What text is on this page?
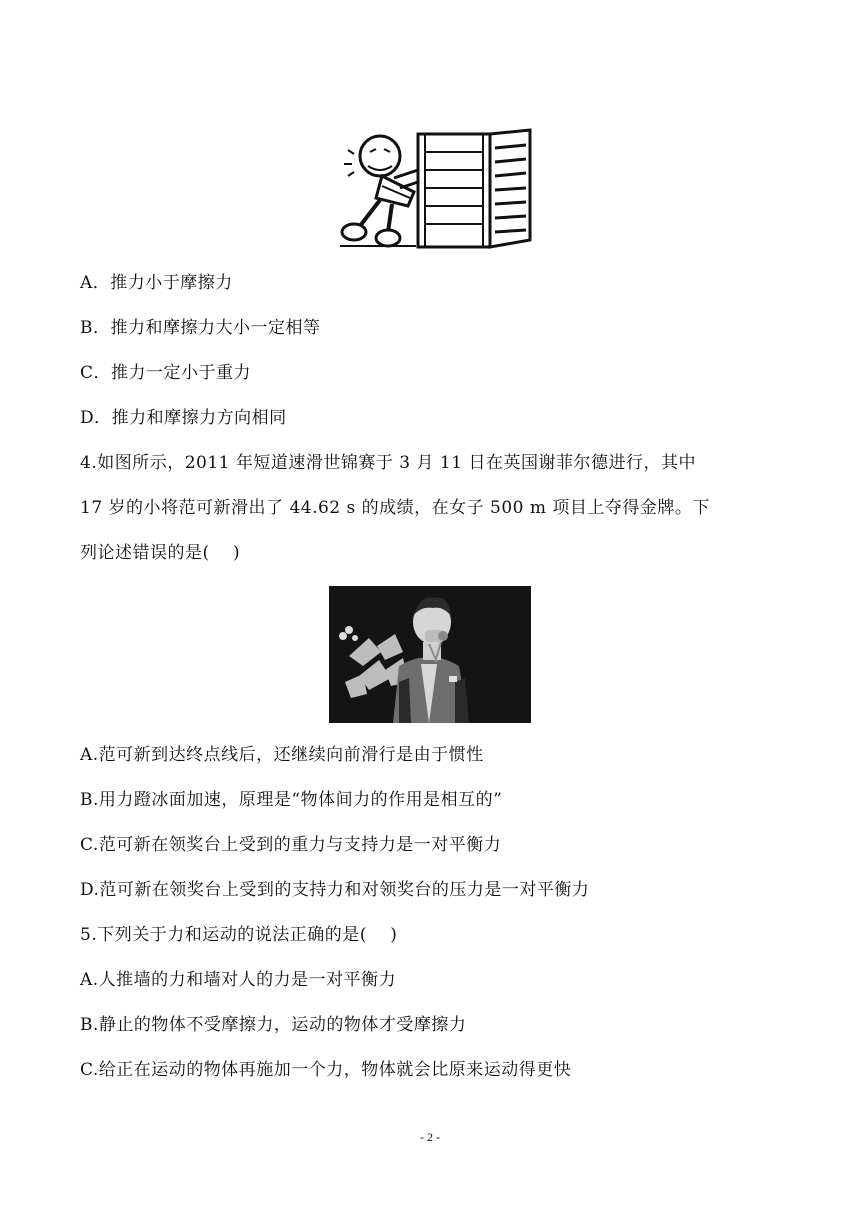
A．推力小于摩擦力
B．推力和摩擦力大小一定相等
C．推力一定小于重力
D．推力和摩擦力方向相同
4.如图所示，2011 年短道速滑世锦赛于 3 月 11 日在英国谢菲尔德进行，其中
17 岁的小将范可新滑出了 44.62 s 的成绩，在女子 500 m 项目上夺得金牌。下
列论述错误的是(　 )
A.范可新到达终点线后，还继续向前滑行是由于惯性
B.用力蹬冰面加速，原理是“物体间力的作用是相互的”
C.范可新在领奖台上受到的重力与支持力是一对平衡力
D.范可新在领奖台上受到的支持力和对领奖台的压力是一对平衡力
5.下列关于力和运动的说法正确的是(　 )
A.人推墙的力和墙对人的力是一对平衡力
B.静止的物体不受摩擦力，运动的物体才受摩擦力
C.给正在运动的物体再施加一个力，物体就会比原来运动得更快
- 2 -
